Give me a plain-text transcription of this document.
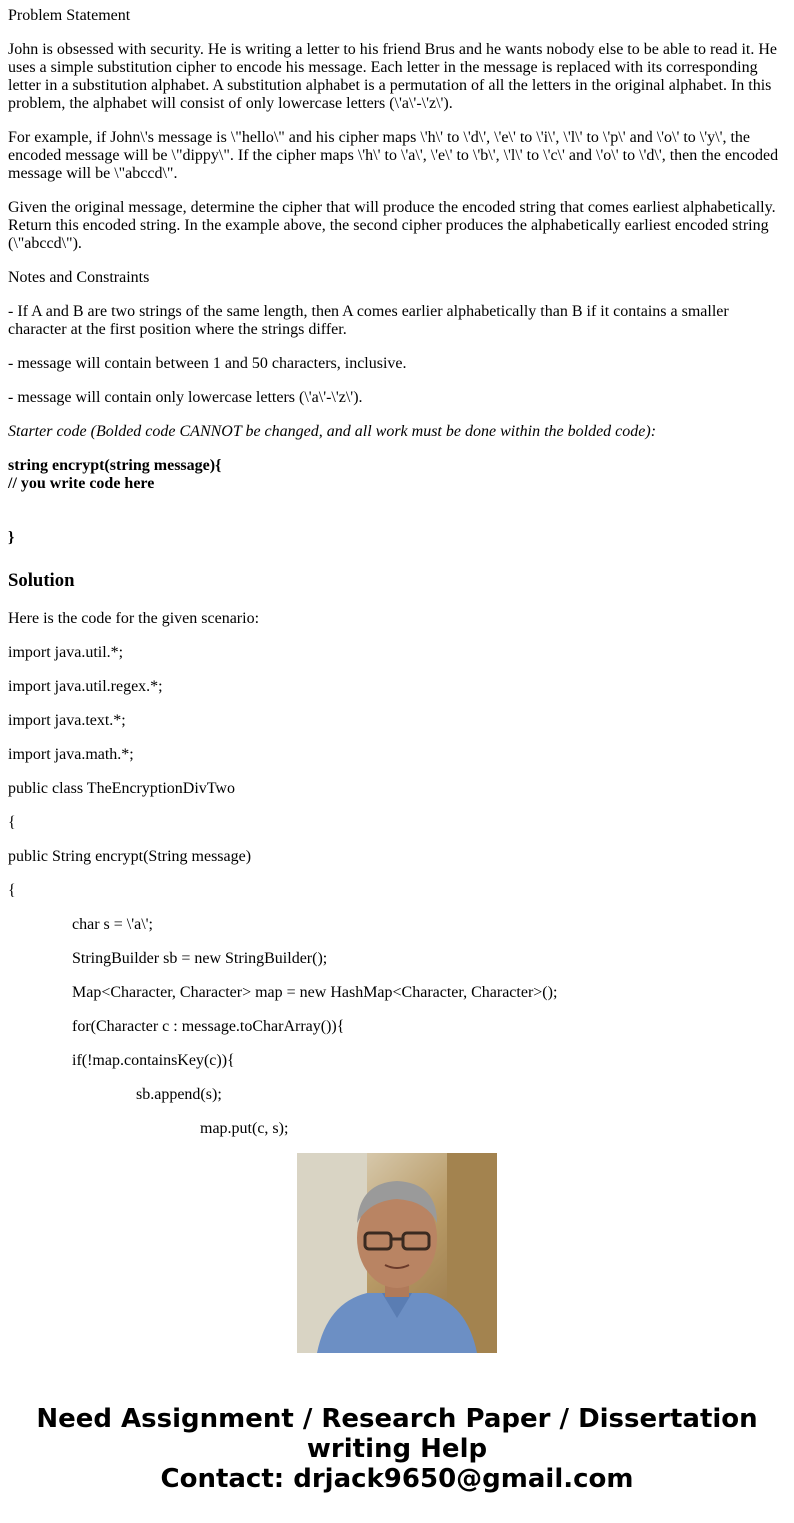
Problem Statement

John is obsessed with security. He is writing a letter to his friend Brus and he wants nobody else to be able to read it. He uses a simple substitution cipher to encode his message. Each letter in the message is replaced with its corresponding letter in a substitution alphabet. A substitution alphabet is a permutation of all the letters in the original alphabet. In this problem, the alphabet will consist of only lowercase letters (\'a\'-\'z\').

For example, if John\'s message is \"hello\" and his cipher maps \'h\' to \'d\', \'e\' to \'i\', \'l\' to \'p\' and \'o\' to \'y\', the encoded message will be \"dippy\". If the cipher maps \'h\' to \'a\', \'e\' to \'b\', \'l\' to \'c\' and \'o\' to \'d\', then the encoded message will be \"abccd\".

Given the original message, determine the cipher that will produce the encoded string that comes earliest alphabetically. Return this encoded string. In the example above, the second cipher produces the alphabetically earliest encoded string (\"abccd\").

Notes and Constraints

- If A and B are two strings of the same length, then A comes earlier alphabetically than B if it contains a smaller character at the first position where the strings differ.

- message will contain between 1 and 50 characters, inclusive.

- message will contain only lowercase letters (\'a\'-\'z\').

Starter code (Bolded code CANNOT be changed, and all work must be done within the bolded code):

string encrypt(string message){
// you write code here

}

Solution

Here is the code for the given scenario:

import java.util.*;

import java.util.regex.*;

import java.text.*;

import java.math.*;

public class TheEncryptionDivTwo

{

public String encrypt(String message)

{

char s = \'a\';

StringBuilder sb = new StringBuilder();

Map<Character, Character> map = new HashMap<Character, Character>();

for(Character c : message.toCharArray()){

if(!map.containsKey(c)){

sb.append(s);

map.put(c, s);

Need Assignment / Research Paper / Dissertation
writing Help
Contact: drjack9650@gmail.com
